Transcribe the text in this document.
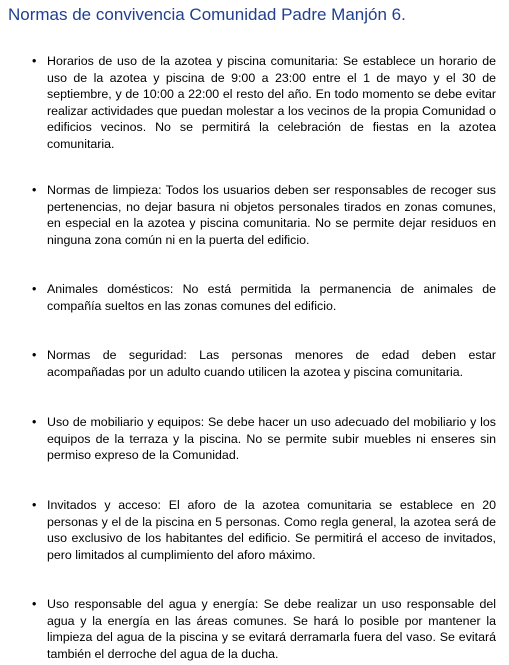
Normas de convivencia Comunidad Padre Manjón 6.
• Horarios de uso de la azotea y piscina comunitaria: Se establece un horario de uso de la azotea y piscina de 9:00 a 23:00 entre el 1 de mayo y el 30 de septiembre, y de 10:00 a 22:00 el resto del año. En todo momento se debe evitar realizar actividades que puedan molestar a los vecinos de la propia Comunidad o edificios vecinos. No se permitirá la celebración de fiestas en la azotea comunitaria.

• Normas de limpieza: Todos los usuarios deben ser responsables de recoger sus pertenencias, no dejar basura ni objetos personales tirados en zonas comunes, en especial en la azotea y piscina comunitaria. No se permite dejar residuos en ninguna zona común ni en la puerta del edificio.

• Animales domésticos: No está permitida la permanencia de animales de compañía sueltos en las zonas comunes del edificio.

• Normas de seguridad: Las personas menores de edad deben estar acompañadas por un adulto cuando utilicen la azotea y piscina comunitaria.

• Uso de mobiliario y equipos: Se debe hacer un uso adecuado del mobiliario y los equipos de la terraza y la piscina. No se permite subir muebles ni enseres sin permiso expreso de la Comunidad.

• Invitados y acceso: El aforo de la azotea comunitaria se establece en 20 personas y el de la piscina en 5 personas. Como regla general, la azotea será de uso exclusivo de los habitantes del edificio. Se permitirá el acceso de invitados, pero limitados al cumplimiento del aforo máximo.

• Uso responsable del agua y energía: Se debe realizar un uso responsable del agua y la energía en las áreas comunes. Se hará lo posible por mantener la limpieza del agua de la piscina y se evitará derramarla fuera del vaso. Se evitará también el derroche del agua de la ducha.
